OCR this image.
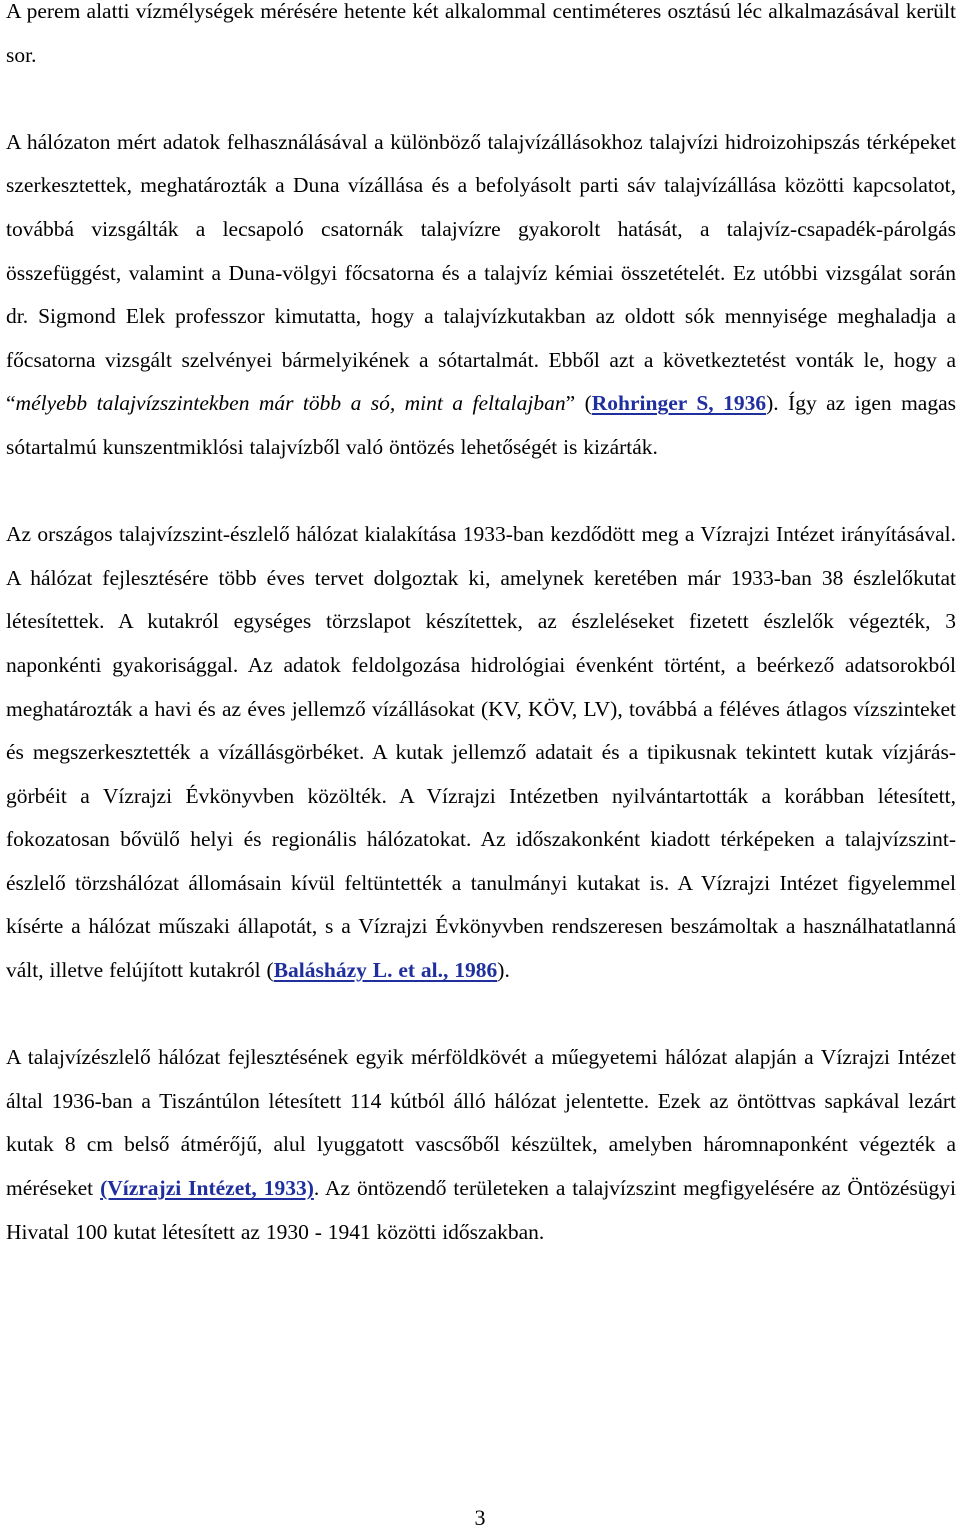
A perem alatti vízmélységek mérésére hetente két alkalommal centiméteres osztású léc alkalmazásával került sor.

A hálózaton mért adatok felhasználásával a különböző talajvízállásokhoz talajvízi hidroizohipszás térképeket szerkesztettek, meghatározták a Duna vízállása és a befolyásolt parti sáv talajvízállása közötti kapcsolatot, továbbá vizsgálták a lecsapoló csatornák talajvízre gyakorolt hatását, a talajvíz-csapadék-párolgás összefüggést, valamint a Duna-völgyi főcsatorna és a talajvíz kémiai összetételét. Ez utóbbi vizsgálat során dr. Sigmond Elek professzor kimutatta, hogy a talajvízkutakban az oldott sók mennyisége meghaladja a főcsatorna vizsgált szelvényei bármelyikének a sótartalmát. Ebből azt a következtetést vonták le, hogy a “mélyebb talajvízszintekben már több a só, mint a feltalajban” (Rohringer S, 1936). Így az igen magas sótartalmú kunszentmiklósi talajvízből való öntözés lehetőségét is kizárták.

Az országos talajvízszint-észlelő hálózat kialakítása 1933-ban kezdődött meg a Vízrajzi Intézet irányításával. A hálózat fejlesztésére több éves tervet dolgoztak ki, amelynek keretében már 1933-ban 38 észlelőkutat létesítettek. A kutakról egységes törzslapot készítettek, az észleléseket fizetett észlelők végezték, 3 naponkénti gyakorisággal. Az adatok feldolgozása hidrológiai évenként történt, a beérkező adatsorokból meghatározták a havi és az éves jellemző vízállásokat (KV, KÖV, LV), továbbá a féléves átlagos vízszinteket és megszerkesztették a vízállásgörbéket. A kutak jellemző adatait és a tipikusnak tekintett kutak vízjárás-görbéit a Vízrajzi Évkönyvben közölték. A Vízrajzi Intézetben nyilvántartották a korábban létesített, fokozatosan bővülő helyi és regionális hálózatokat. Az időszakonként kiadott térképeken a talajvízszint-észlelő törzshálózat állomásain kívül feltüntették a tanulmányi kutakat is. A Vízrajzi Intézet figyelemmel kísérte a hálózat műszaki állapotát, s a Vízrajzi Évkönyvben rendszeresen beszámoltak a használhatatlanná vált, illetve felújított kutakról (Balásházy L. et al., 1986).

A talajvízészlelő hálózat fejlesztésének egyik mérföldkövét a műegyetemi hálózat alapján a Vízrajzi Intézet által 1936-ban a Tiszántúlon létesített 114 kútból álló hálózat jelentette. Ezek az öntöttvas sapkával lezárt kutak 8 cm belső átmérőjű, alul lyuggatott vascsőből készültek, amelyben háromnaponként végezték a méréseket (Vízrajzi Intézet, 1933). Az öntözendő területeken a talajvízszint megfigyelésére az Öntözésügyi Hivatal 100 kutat létesített az 1930 - 1941 közötti időszakban.

3
